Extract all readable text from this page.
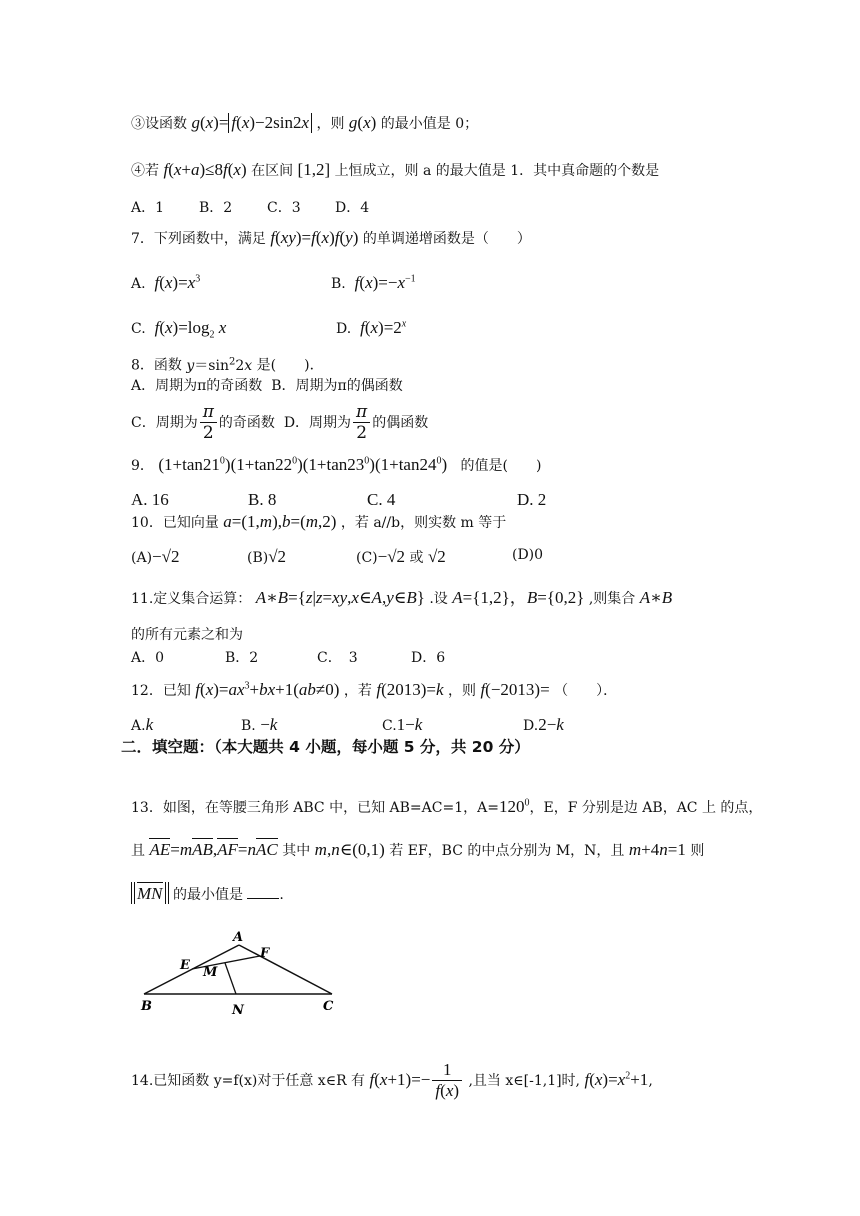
③设函数 g(x)= f(x)−2sin2x ，则 g(x) 的最小值是 0；
④若 f(x+a)≤8f(x) 在区间 [1,2] 上恒成立，则 a 的最大值是 1．其中真命题的个数是
A．1 B．2 C．3 D．4
7．下列函数中，满足 f(xy)=f(x)f(y) 的单调递增函数是（　　）
A. $f(x)=x^3$	B. $f(x)=-x^{-1}$
C. $f(x)=\log_2$ x	D. $f(x)=2^x$
8．函数 $y=\sin^22x$ 是(　　)．
A．周期为π的奇函数 B．周期为π的偶函数
C．周期为 $\frac{\pi}{2}$ 的奇函数 D．周期为 $\frac{\pi}{2}$ 的偶函数
9． $(1+\tan 21^0)(1+\tan 22^0)(1+\tan 23^0)(1+\tan 24^0)$ 的值是(　　)
A. 16	B. 8	C. 4	D. 2
10．已知向量 a=(1,m),b=(m,2) ，若 a//b，则实数 m 等于
(A)−√2	(B)√2	(C)−√2 或 √2	(D)0
11.定义集合运算： A∗B={z|z=xy,x∈A,y∈B} .设 A={1,2}，B={0,2} ,则集合 A∗B
的所有元素之和为
A．0	B．2	C．　3	D．6
12．已知 $f(x)=ax^3+bx+1(ab\ne 0)$ ，若 f(2013)=k ，则 f(−2013)= （　　）．
A.k	B. −k	C.1−k	D.2−k
二．填空题：（本大题共 4 小题，每小题 5 分，共 20 分）
13．如图，在等腰三角形 ABC 中，已知 AB=AC=1，$A=120^0$，E，F 分别是边 AB，AC 上 的点，
且 AE=mAB,AF=nAC 其中 m,n∈(0,1) 若 EF，BC 的中点分别为 M，N，且 m+4n=1 则
MN 的最小值是	.
A
B	C
E
F
M
N
14.已知函数 y=f(x)对于任意 x∈R 有 $f(x+1)=- \frac{1}{f(x)}$ ,且当 x∈[-1,1]时, $f(x)=x^2+1$,
